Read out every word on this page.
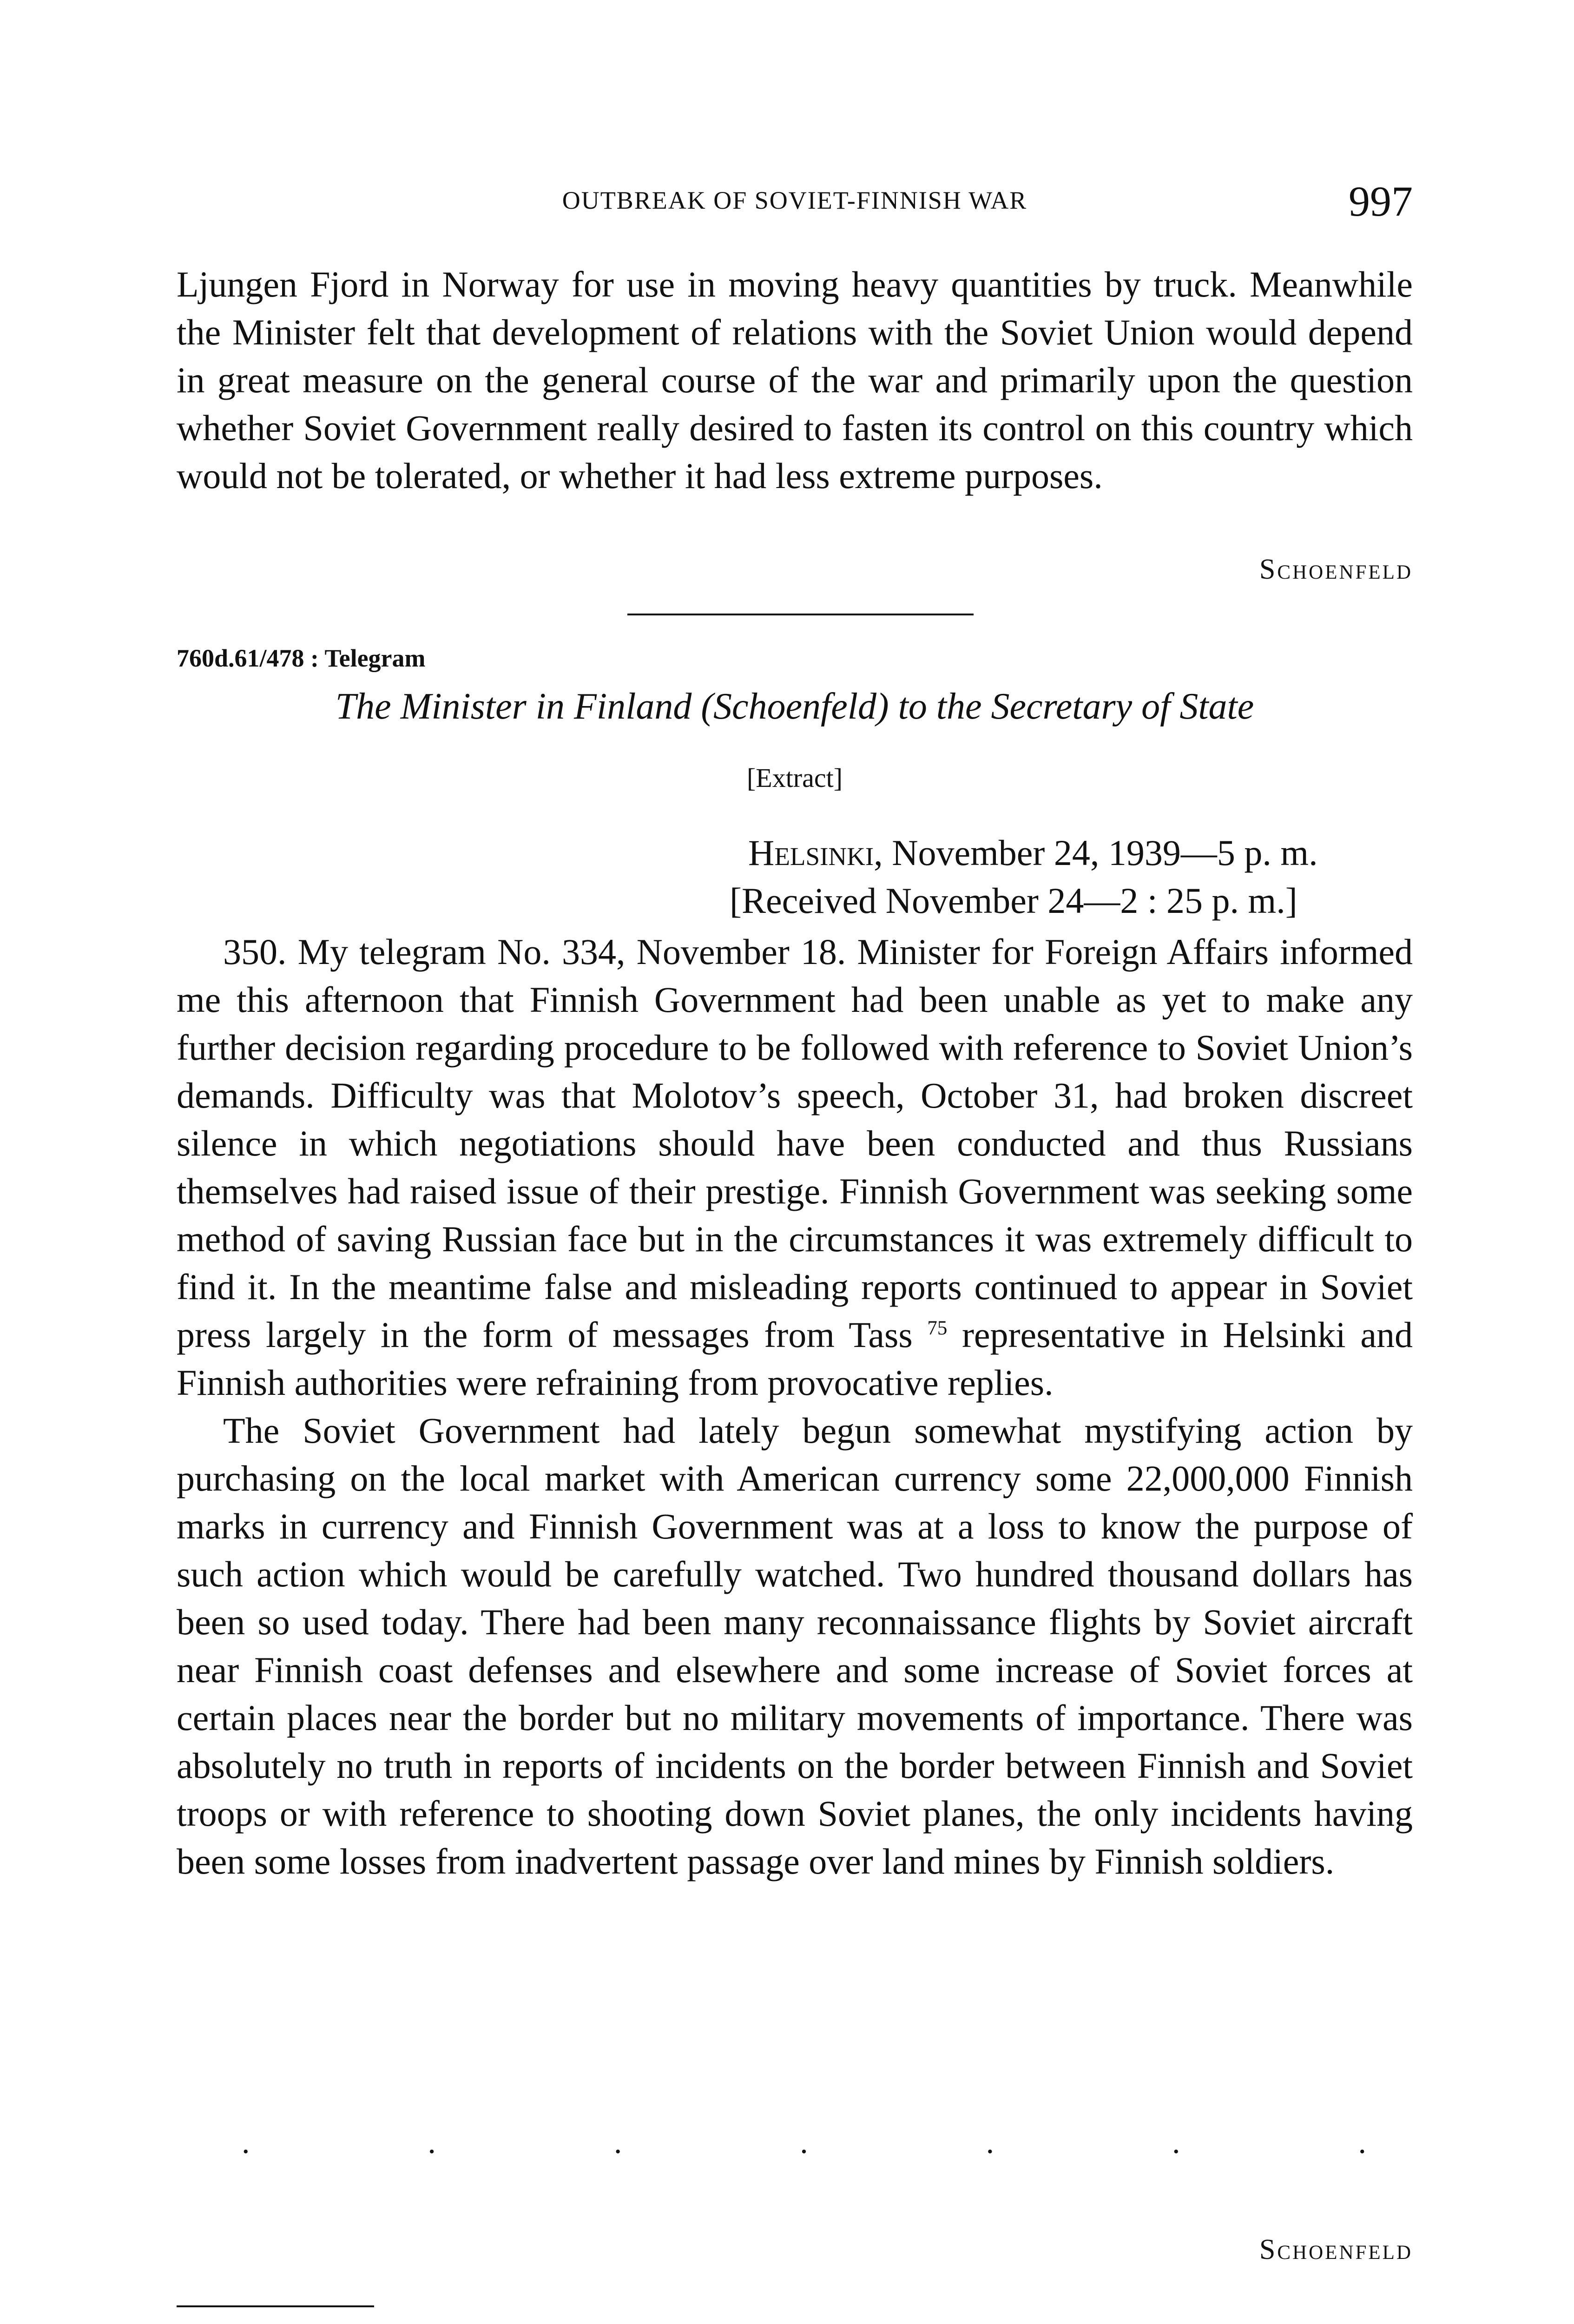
OUTBREAK OF SOVIET-FINNISH WAR	997

Ljungen Fjord in Norway for use in moving heavy quantities by truck. Meanwhile the Minister felt that development of relations with the Soviet Union would depend in great measure on the general course of the war and primarily upon the question whether Soviet Government really desired to fasten its control on this country which would not be tolerated, or whether it had less extreme purposes.

Schoenfeld
760d.61/478 : Telegram
The Minister in Finland (Schoenfeld) to the Secretary of State
[Extract]
Helsinki, November 24, 1939—5 p. m.
[Received November 24—2 : 25 p. m.]

350. My telegram No. 334, November 18. Minister for Foreign Affairs informed me this afternoon that Finnish Government had been unable as yet to make any further decision regarding procedure to be followed with reference to Soviet Union’s demands. Difficulty was that Molotov’s speech, October 31, had broken discreet silence in which negotiations should have been conducted and thus Russians themselves had raised issue of their prestige. Finnish Government was seeking some method of saving Russian face but in the circumstances it was extremely difficult to find it. In the meantime false and misleading reports continued to appear in Soviet press largely in the form of messages from Tass $^{75}$ representative in Helsinki and Finnish authorities were refraining from provocative replies.

The Soviet Government had lately begun somewhat mystifying action by purchasing on the local market with American currency some 22,000,000 Finnish marks in currency and Finnish Government was at a loss to know the purpose of such action which would be carefully watched. Two hundred thousand dollars has been so used today. There had been many reconnaissance flights by Soviet aircraft near Finnish coast defenses and elsewhere and some increase of Soviet forces at certain places near the border but no military movements of importance. There was absolutely no truth in reports of incidents on the border between Finnish and Soviet troops or with reference to shooting down Soviet planes, the only incidents having been some losses from inadvertent passage over land mines by Finnish soldiers.

.	.	.	.	.	.	.
Schoenfeld
